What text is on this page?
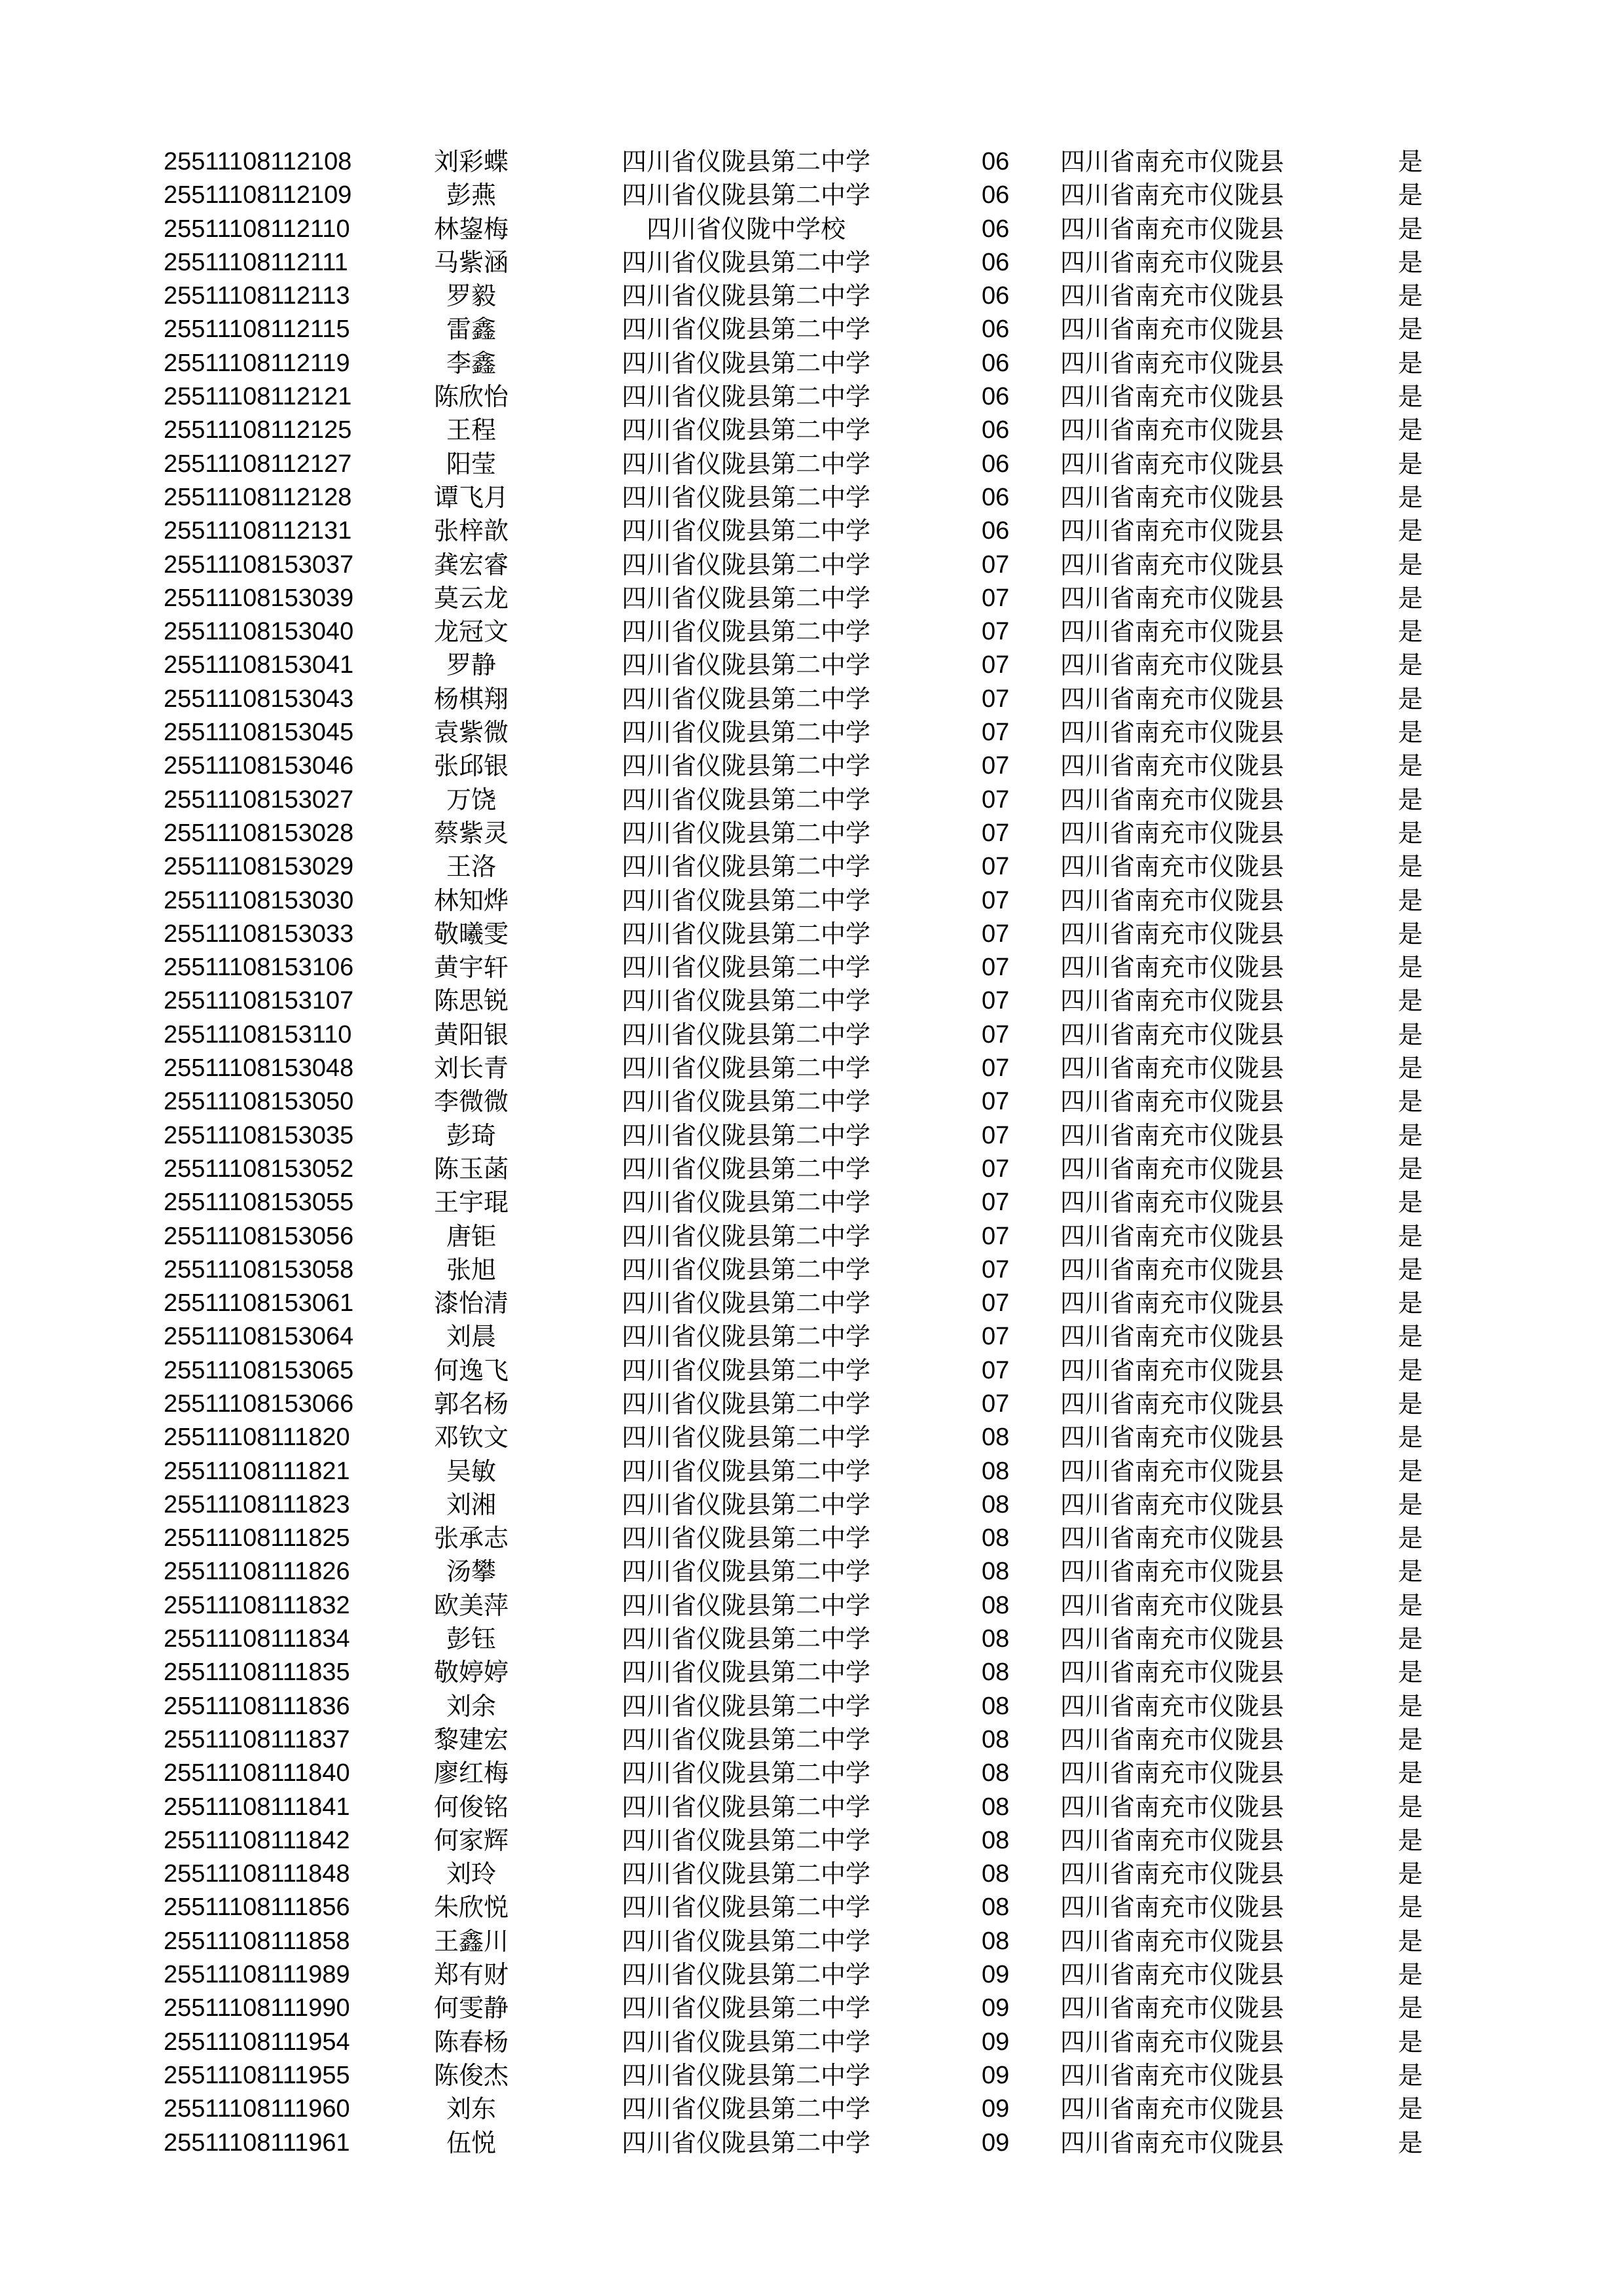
25511108112108	刘彩蝶	四川省仪陇县第二中学	06	四川省南充市仪陇县	是
25511108112109	彭燕	四川省仪陇县第二中学	06	四川省南充市仪陇县	是
25511108112110	林鋆梅	四川省仪陇中学校	06	四川省南充市仪陇县	是
25511108112111	马紫涵	四川省仪陇县第二中学	06	四川省南充市仪陇县	是
25511108112113	罗毅	四川省仪陇县第二中学	06	四川省南充市仪陇县	是
25511108112115	雷鑫	四川省仪陇县第二中学	06	四川省南充市仪陇县	是
25511108112119	李鑫	四川省仪陇县第二中学	06	四川省南充市仪陇县	是
25511108112121	陈欣怡	四川省仪陇县第二中学	06	四川省南充市仪陇县	是
25511108112125	王程	四川省仪陇县第二中学	06	四川省南充市仪陇县	是
25511108112127	阳莹	四川省仪陇县第二中学	06	四川省南充市仪陇县	是
25511108112128	谭飞月	四川省仪陇县第二中学	06	四川省南充市仪陇县	是
25511108112131	张梓歆	四川省仪陇县第二中学	06	四川省南充市仪陇县	是
25511108153037	龚宏睿	四川省仪陇县第二中学	07	四川省南充市仪陇县	是
25511108153039	莫云龙	四川省仪陇县第二中学	07	四川省南充市仪陇县	是
25511108153040	龙冠文	四川省仪陇县第二中学	07	四川省南充市仪陇县	是
25511108153041	罗静	四川省仪陇县第二中学	07	四川省南充市仪陇县	是
25511108153043	杨棋翔	四川省仪陇县第二中学	07	四川省南充市仪陇县	是
25511108153045	袁紫微	四川省仪陇县第二中学	07	四川省南充市仪陇县	是
25511108153046	张邱银	四川省仪陇县第二中学	07	四川省南充市仪陇县	是
25511108153027	万饶	四川省仪陇县第二中学	07	四川省南充市仪陇县	是
25511108153028	蔡紫灵	四川省仪陇县第二中学	07	四川省南充市仪陇县	是
25511108153029	王洛	四川省仪陇县第二中学	07	四川省南充市仪陇县	是
25511108153030	林知烨	四川省仪陇县第二中学	07	四川省南充市仪陇县	是
25511108153033	敬曦雯	四川省仪陇县第二中学	07	四川省南充市仪陇县	是
25511108153106	黄宇轩	四川省仪陇县第二中学	07	四川省南充市仪陇县	是
25511108153107	陈思锐	四川省仪陇县第二中学	07	四川省南充市仪陇县	是
25511108153110	黄阳银	四川省仪陇县第二中学	07	四川省南充市仪陇县	是
25511108153048	刘长青	四川省仪陇县第二中学	07	四川省南充市仪陇县	是
25511108153050	李微微	四川省仪陇县第二中学	07	四川省南充市仪陇县	是
25511108153035	彭琦	四川省仪陇县第二中学	07	四川省南充市仪陇县	是
25511108153052	陈玉菡	四川省仪陇县第二中学	07	四川省南充市仪陇县	是
25511108153055	王宇琨	四川省仪陇县第二中学	07	四川省南充市仪陇县	是
25511108153056	唐钜	四川省仪陇县第二中学	07	四川省南充市仪陇县	是
25511108153058	张旭	四川省仪陇县第二中学	07	四川省南充市仪陇县	是
25511108153061	漆怡清	四川省仪陇县第二中学	07	四川省南充市仪陇县	是
25511108153064	刘晨	四川省仪陇县第二中学	07	四川省南充市仪陇县	是
25511108153065	何逸飞	四川省仪陇县第二中学	07	四川省南充市仪陇县	是
25511108153066	郭名杨	四川省仪陇县第二中学	07	四川省南充市仪陇县	是
25511108111820	邓钦文	四川省仪陇县第二中学	08	四川省南充市仪陇县	是
25511108111821	吴敏	四川省仪陇县第二中学	08	四川省南充市仪陇县	是
25511108111823	刘湘	四川省仪陇县第二中学	08	四川省南充市仪陇县	是
25511108111825	张承志	四川省仪陇县第二中学	08	四川省南充市仪陇县	是
25511108111826	汤攀	四川省仪陇县第二中学	08	四川省南充市仪陇县	是
25511108111832	欧美萍	四川省仪陇县第二中学	08	四川省南充市仪陇县	是
25511108111834	彭钰	四川省仪陇县第二中学	08	四川省南充市仪陇县	是
25511108111835	敬婷婷	四川省仪陇县第二中学	08	四川省南充市仪陇县	是
25511108111836	刘余	四川省仪陇县第二中学	08	四川省南充市仪陇县	是
25511108111837	黎建宏	四川省仪陇县第二中学	08	四川省南充市仪陇县	是
25511108111840	廖红梅	四川省仪陇县第二中学	08	四川省南充市仪陇县	是
25511108111841	何俊铭	四川省仪陇县第二中学	08	四川省南充市仪陇县	是
25511108111842	何家辉	四川省仪陇县第二中学	08	四川省南充市仪陇县	是
25511108111848	刘玲	四川省仪陇县第二中学	08	四川省南充市仪陇县	是
25511108111856	朱欣悦	四川省仪陇县第二中学	08	四川省南充市仪陇县	是
25511108111858	王鑫川	四川省仪陇县第二中学	08	四川省南充市仪陇县	是
25511108111989	郑有财	四川省仪陇县第二中学	09	四川省南充市仪陇县	是
25511108111990	何雯静	四川省仪陇县第二中学	09	四川省南充市仪陇县	是
25511108111954	陈春杨	四川省仪陇县第二中学	09	四川省南充市仪陇县	是
25511108111955	陈俊杰	四川省仪陇县第二中学	09	四川省南充市仪陇县	是
25511108111960	刘东	四川省仪陇县第二中学	09	四川省南充市仪陇县	是
25511108111961	伍悦	四川省仪陇县第二中学	09	四川省南充市仪陇县	是
